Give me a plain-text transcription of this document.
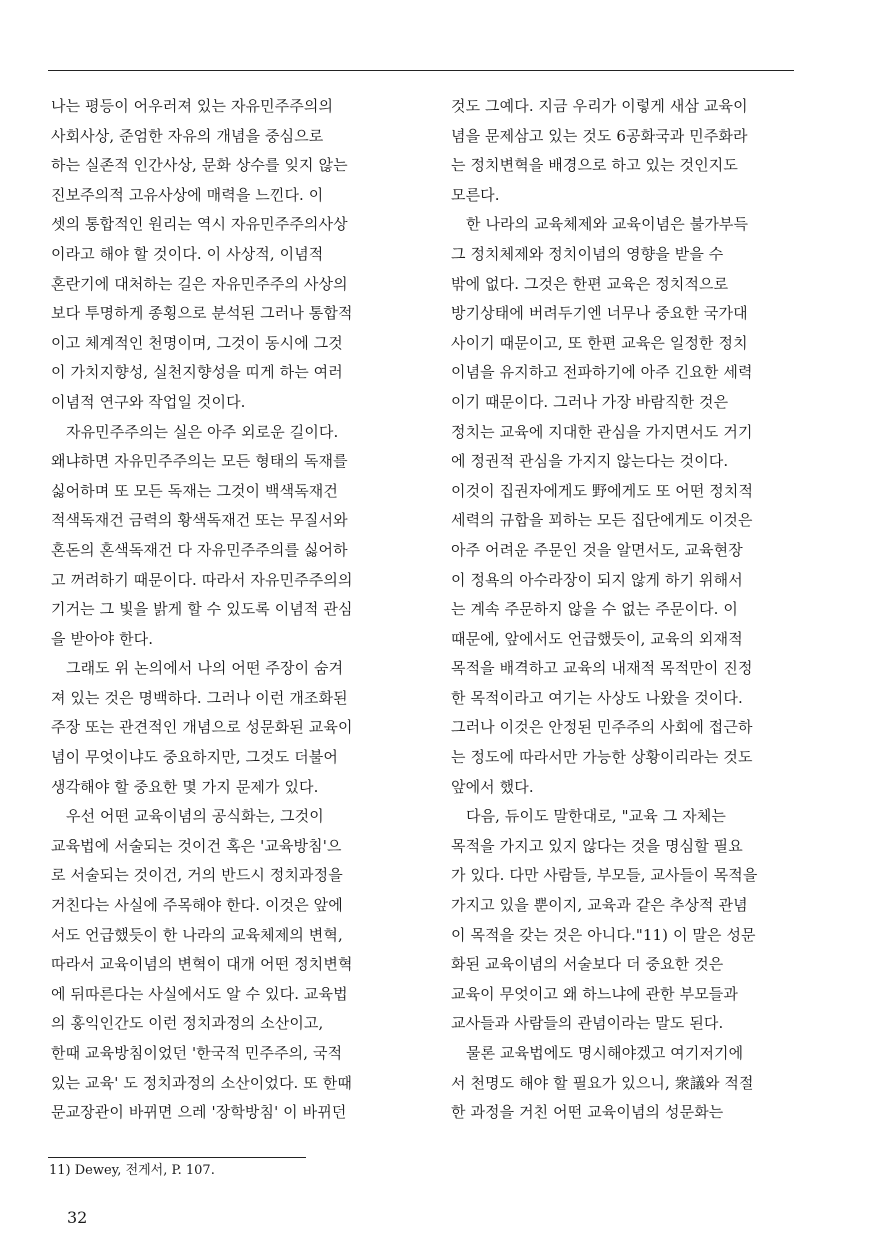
나는 평등이 어우러져 있는 자유민주주의의
사회사상, 준엄한 자유의 개념을 중심으로
하는 실존적 인간사상, 문화 상수를 잊지 않는
진보주의적 고유사상에 매력을 느낀다. 이
셋의 통합적인 원리는 역시 자유민주주의사상
이라고 해야 할 것이다. 이 사상적, 이념적
혼란기에 대처하는 길은 자유민주주의 사상의
보다 투명하게 종횡으로 분석된 그러나 통합적
이고 체계적인 천명이며, 그것이 동시에 그것
이 가치지향성, 실천지향성을 띠게 하는 여러
이념적 연구와 작업일 것이다.
자유민주주의는 실은 아주 외로운 길이다.
왜냐하면 자유민주주의는 모든 형태의 독재를
싫어하며 또 모든 독재는 그것이 백색독재건
적색독재건 금력의 황색독재건 또는 무질서와
혼돈의 혼색독재건 다 자유민주주의를 싫어하
고 꺼려하기 때문이다. 따라서 자유민주주의의
기거는 그 빛을 밝게 할 수 있도록 이념적 관심
을 받아야 한다.
그래도 위 논의에서 나의 어떤 주장이 숨겨
져 있는 것은 명백하다. 그러나 이런 개조화된
주장 또는 관견적인 개념으로 성문화된 교육이
념이 무엇이냐도 중요하지만, 그것도 더불어
생각해야 할 중요한 몇 가지 문제가 있다.
우선 어떤 교육이념의 공식화는, 그것이
교육법에 서술되는 것이건 혹은 '교육방침'으
로 서술되는 것이건, 거의 반드시 정치과정을
거친다는 사실에 주목해야 한다. 이것은 앞에
서도 언급했듯이 한 나라의 교육체제의 변혁,
따라서 교육이념의 변혁이 대개 어떤 정치변혁
에 뒤따른다는 사실에서도 알 수 있다. 교육법
의 홍익인간도 이런 정치과정의 소산이고,
한때 교육방침이었던 '한국적 민주주의, 국적
있는 교육' 도 정치과정의 소산이었다. 또 한때
문교장관이 바뀌면 으레 '장학방침' 이 바뀌던
것도 그예다. 지금 우리가 이렇게 새삼 교육이
념을 문제삼고 있는 것도 6공화국과 민주화라
는 정치변혁을 배경으로 하고 있는 것인지도
모른다.
한 나라의 교육체제와 교육이념은 불가부득
그 정치체제와 정치이념의 영향을 받을 수
밖에 없다. 그것은 한편 교육은 정치적으로
방기상태에 버려두기엔 너무나 중요한 국가대
사이기 때문이고, 또 한편 교육은 일정한 정치
이념을 유지하고 전파하기에 아주 긴요한 세력
이기 때문이다. 그러나 가장 바람직한 것은
정치는 교육에 지대한 관심을 가지면서도 거기
에 정권적 관심을 가지지 않는다는 것이다.
이것이 집권자에게도 野에게도 또 어떤 정치적
세력의 규합을 꾀하는 모든 집단에게도 이것은
아주 어려운 주문인 것을 알면서도, 교육현장
이 정욕의 아수라장이 되지 않게 하기 위해서
는 계속 주문하지 않을 수 없는 주문이다. 이
때문에, 앞에서도 언급했듯이, 교육의 외재적
목적을 배격하고 교육의 내재적 목적만이 진정
한 목적이라고 여기는 사상도 나왔을 것이다.
그러나 이것은 안정된 민주주의 사회에 접근하
는 정도에 따라서만 가능한 상황이리라는 것도
앞에서 했다.
다음, 듀이도 말한대로, "교육 그 자체는
목적을 가지고 있지 않다는 것을 명심할 필요
가 있다. 다만 사람들, 부모들, 교사들이 목적을
가지고 있을 뿐이지, 교육과 같은 추상적 관념
이 목적을 갖는 것은 아니다."11) 이 말은 성문
화된 교육이념의 서술보다 더 중요한 것은
교육이 무엇이고 왜 하느냐에 관한 부모들과
교사들과 사람들의 관념이라는 말도 된다.
물론 교육법에도 명시해야겠고 여기저기에
서 천명도 해야 할 필요가 있으니, 衆議와 적절
한 과정을 거친 어떤 교육이념의 성문화는
11) Dewey, 전게서, P. 107.
32
